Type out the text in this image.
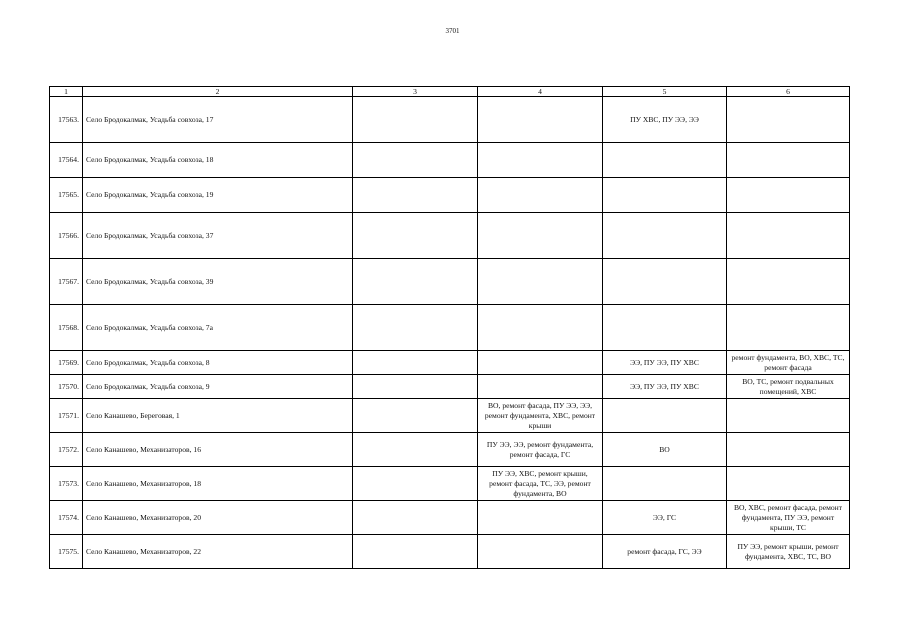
3701
1	2	3	4	5	6
17563.	Село Бродокалмак, Усадьба совхоза, 17			ПУ ХВС, ПУ ЭЭ, ЭЭ	
17564.	Село Бродокалмак, Усадьба совхоза, 18				
17565.	Село Бродокалмак, Усадьба совхоза, 19				
17566.	Село Бродокалмак, Усадьба совхоза, 37				
17567.	Село Бродокалмак, Усадьба совхоза, 39				
17568.	Село Бродокалмак, Усадьба совхоза, 7а				
17569.	Село Бродокалмак, Усадьба совхоза, 8			ЭЭ, ПУ ЭЭ, ПУ ХВС	ремонт фундамента, ВО, ХВС, ТС, ремонт фасада
17570.	Село Бродокалмак, Усадьба совхоза, 9			ЭЭ, ПУ ЭЭ, ПУ ХВС	ВО, ТС, ремонт подвальных помещений, ХВС
17571.	Село Канашево, Береговая, 1		ВО, ремонт фасада, ПУ ЭЭ, ЭЭ, ремонт фундамента, ХВС, ремонт крыши		
17572.	Село Канашево, Механизаторов, 16		ПУ ЭЭ, ЭЭ, ремонт фундамента, ремонт фасада, ГС	ВО	
17573.	Село Канашево, Механизаторов, 18		ПУ ЭЭ, ХВС, ремонт крыши, ремонт фасада, ТС, ЭЭ, ремонт фундамента, ВО		
17574.	Село Канашево, Механизаторов, 20			ЭЭ, ГС	ВО, ХВС, ремонт фасада, ремонт фундамента, ПУ ЭЭ, ремонт крыши, ТС
17575.	Село Канашево, Механизаторов, 22			ремонт фасада, ГС, ЭЭ	ПУ ЭЭ, ремонт крыши, ремонт фундамента, ХВС, ТС, ВО
